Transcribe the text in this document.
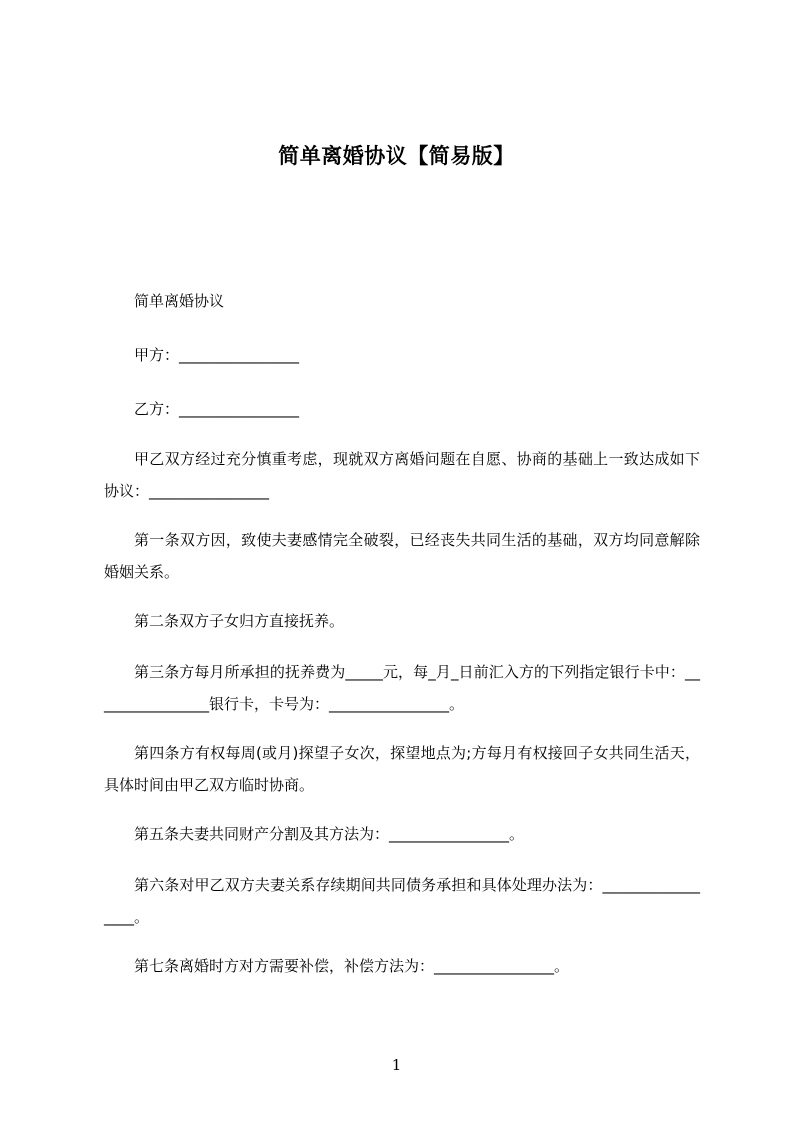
简单离婚协议【简易版】

简单离婚协议

甲方：________________

乙方：________________

甲乙双方经过充分慎重考虑，现就双方离婚问题在自愿、协商的基础上一致达成如下协议：________________

第一条双方因，致使夫妻感情完全破裂，已经丧失共同生活的基础，双方均同意解除婚姻关系。

第二条双方子女归方直接抚养。

第三条方每月所承担的抚养费为_____元，每_月_日前汇入方的下列指定银行卡中：________________银行卡，卡号为：________________。

第四条方有权每周(或月)探望子女次，探望地点为;方每月有权接回子女共同生活天，具体时间由甲乙双方临时协商。

第五条夫妻共同财产分割及其方法为：________________。

第六条对甲乙双方夫妻关系存续期间共同债务承担和具体处理办法为：_________________。

第七条离婚时方对方需要补偿，补偿方法为：________________。

1
